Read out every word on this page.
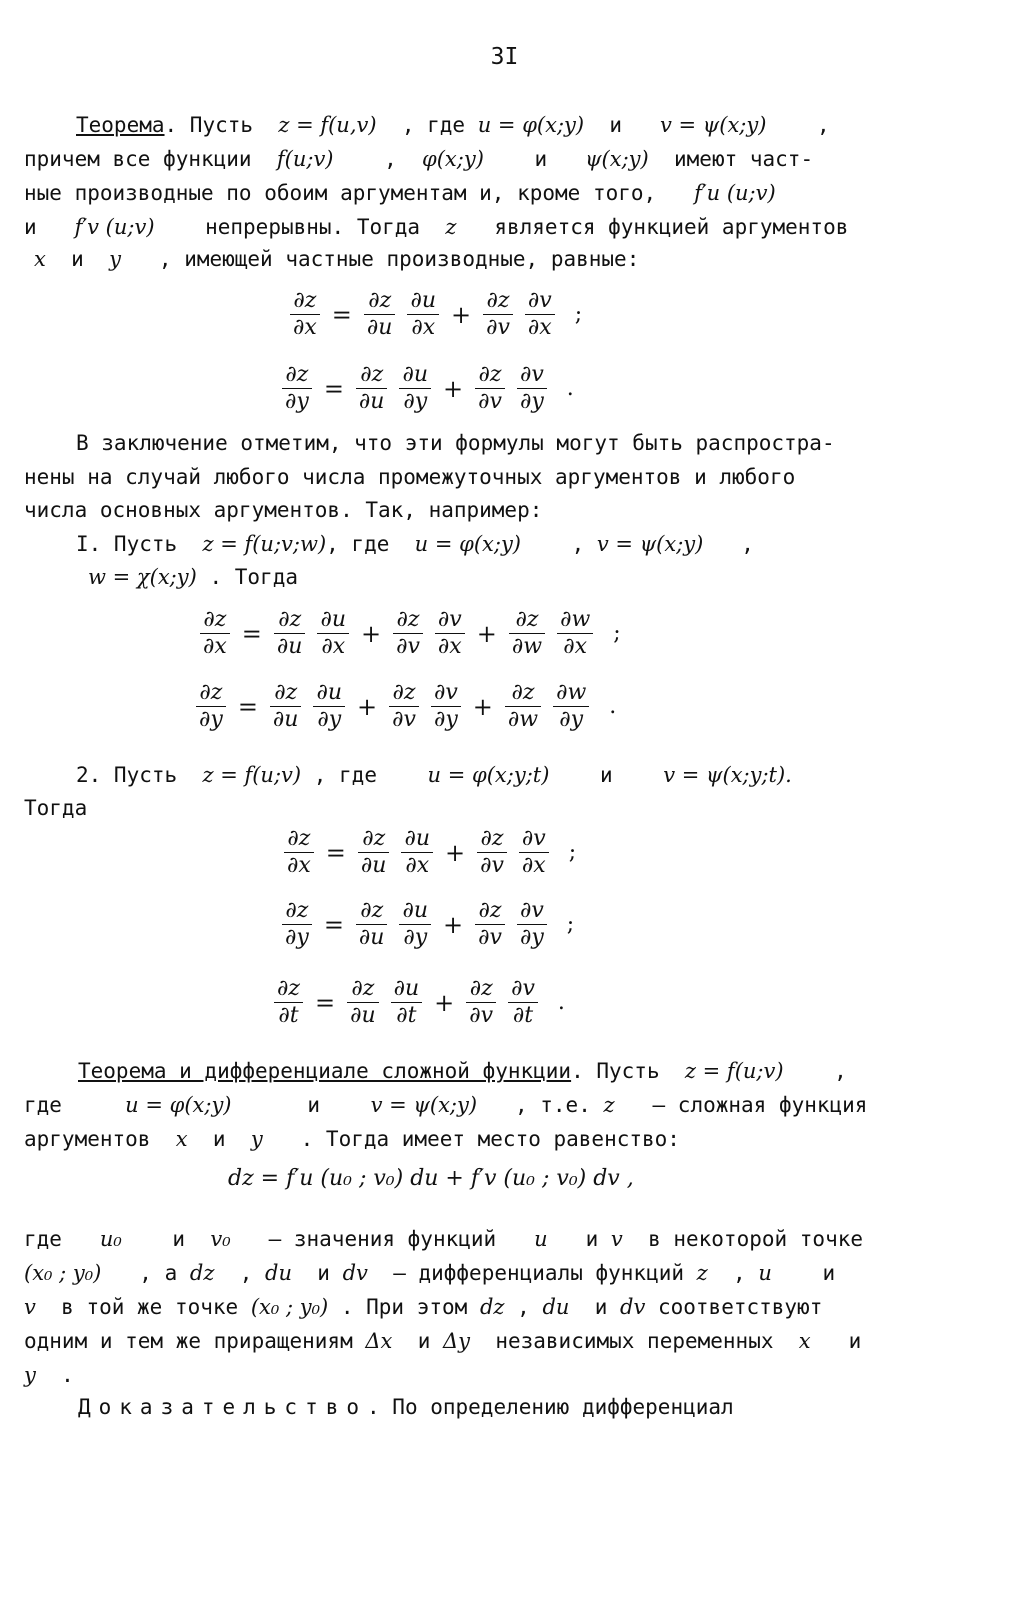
3I
Теорема. Пусть z = f(u,v) , где u = φ(x;y) и v = ψ(x;y) ,
причем все функции f(u;v) , φ(x;y) и ψ(x;y) имеют част-
ные производные по обоим аргументам и, кроме того, f′u (u;v)
и f′v (u;v) непрерывны. Тогда z является функцией аргументов
x и y , имеющей частные производные, равные:
$\frac{\partial z}{\partial x} = \frac{\partial z}{\partial u} \frac{\partial u}{\partial x} + \frac{\partial z}{\partial v} \frac{\partial v}{\partial x}$ ;
$\frac{\partial z}{\partial y} = \frac{\partial z}{\partial u} \frac{\partial u}{\partial y} + \frac{\partial z}{\partial v} \frac{\partial v}{\partial y}$ .
В заключение отметим, что эти формулы могут быть распростра-
нены на случай любого числа промежуточных аргументов и любого
числа основных аргументов. Так, например:
I. Пусть z = f(u;v;w), где u = φ(x;y) , v = ψ(x;y) ,
w = χ(x;y) . Тогда
$\frac{\partial z}{\partial x} = \frac{\partial z}{\partial u} \frac{\partial u}{\partial x} + \frac{\partial z}{\partial v} \frac{\partial v}{\partial x} + \frac{\partial z}{\partial w} \frac{\partial w}{\partial x}$ ;
$\frac{\partial z}{\partial y} = \frac{\partial z}{\partial u} \frac{\partial u}{\partial y} + \frac{\partial z}{\partial v} \frac{\partial v}{\partial y} + \frac{\partial z}{\partial w} \frac{\partial w}{\partial y}$ .
2. Пусть z = f(u;v) , где u = φ(x;y;t) и v = ψ(x;y;t).
Тогда
$\frac{\partial z}{\partial x} = \frac{\partial z}{\partial u} \frac{\partial u}{\partial x} + \frac{\partial z}{\partial v} \frac{\partial v}{\partial x}$ ;
$\frac{\partial z}{\partial y} = \frac{\partial z}{\partial u} \frac{\partial u}{\partial y} + \frac{\partial z}{\partial v} \frac{\partial v}{\partial y}$ ;
$\frac{\partial z}{\partial t} = \frac{\partial z}{\partial u} \frac{\partial u}{\partial t} + \frac{\partial z}{\partial v} \frac{\partial v}{\partial t}$ .
Теорема и дифференциале сложной функции. Пусть z = f(u;v) ,
где	u = φ(x;y)	и v = ψ(x;y) , т.е. z – сложная функция
аргументов x и y . Тогда имеет место равенство:
dz = f′u (u₀ ; v₀) du + f′v (u₀ ; v₀) dv ,
где u₀ и v₀ – значения функций u и v в некоторой точке
(x₀ ; y₀) , а dz , du и dv – дифференциалы функций z , u и
v в той же точке (x₀ ; y₀) . При этом dz , du и dv соответствуют
одним и тем же приращениям Δx и Δy независимых переменных x и
y .
Доказательство. По определению дифференциал
